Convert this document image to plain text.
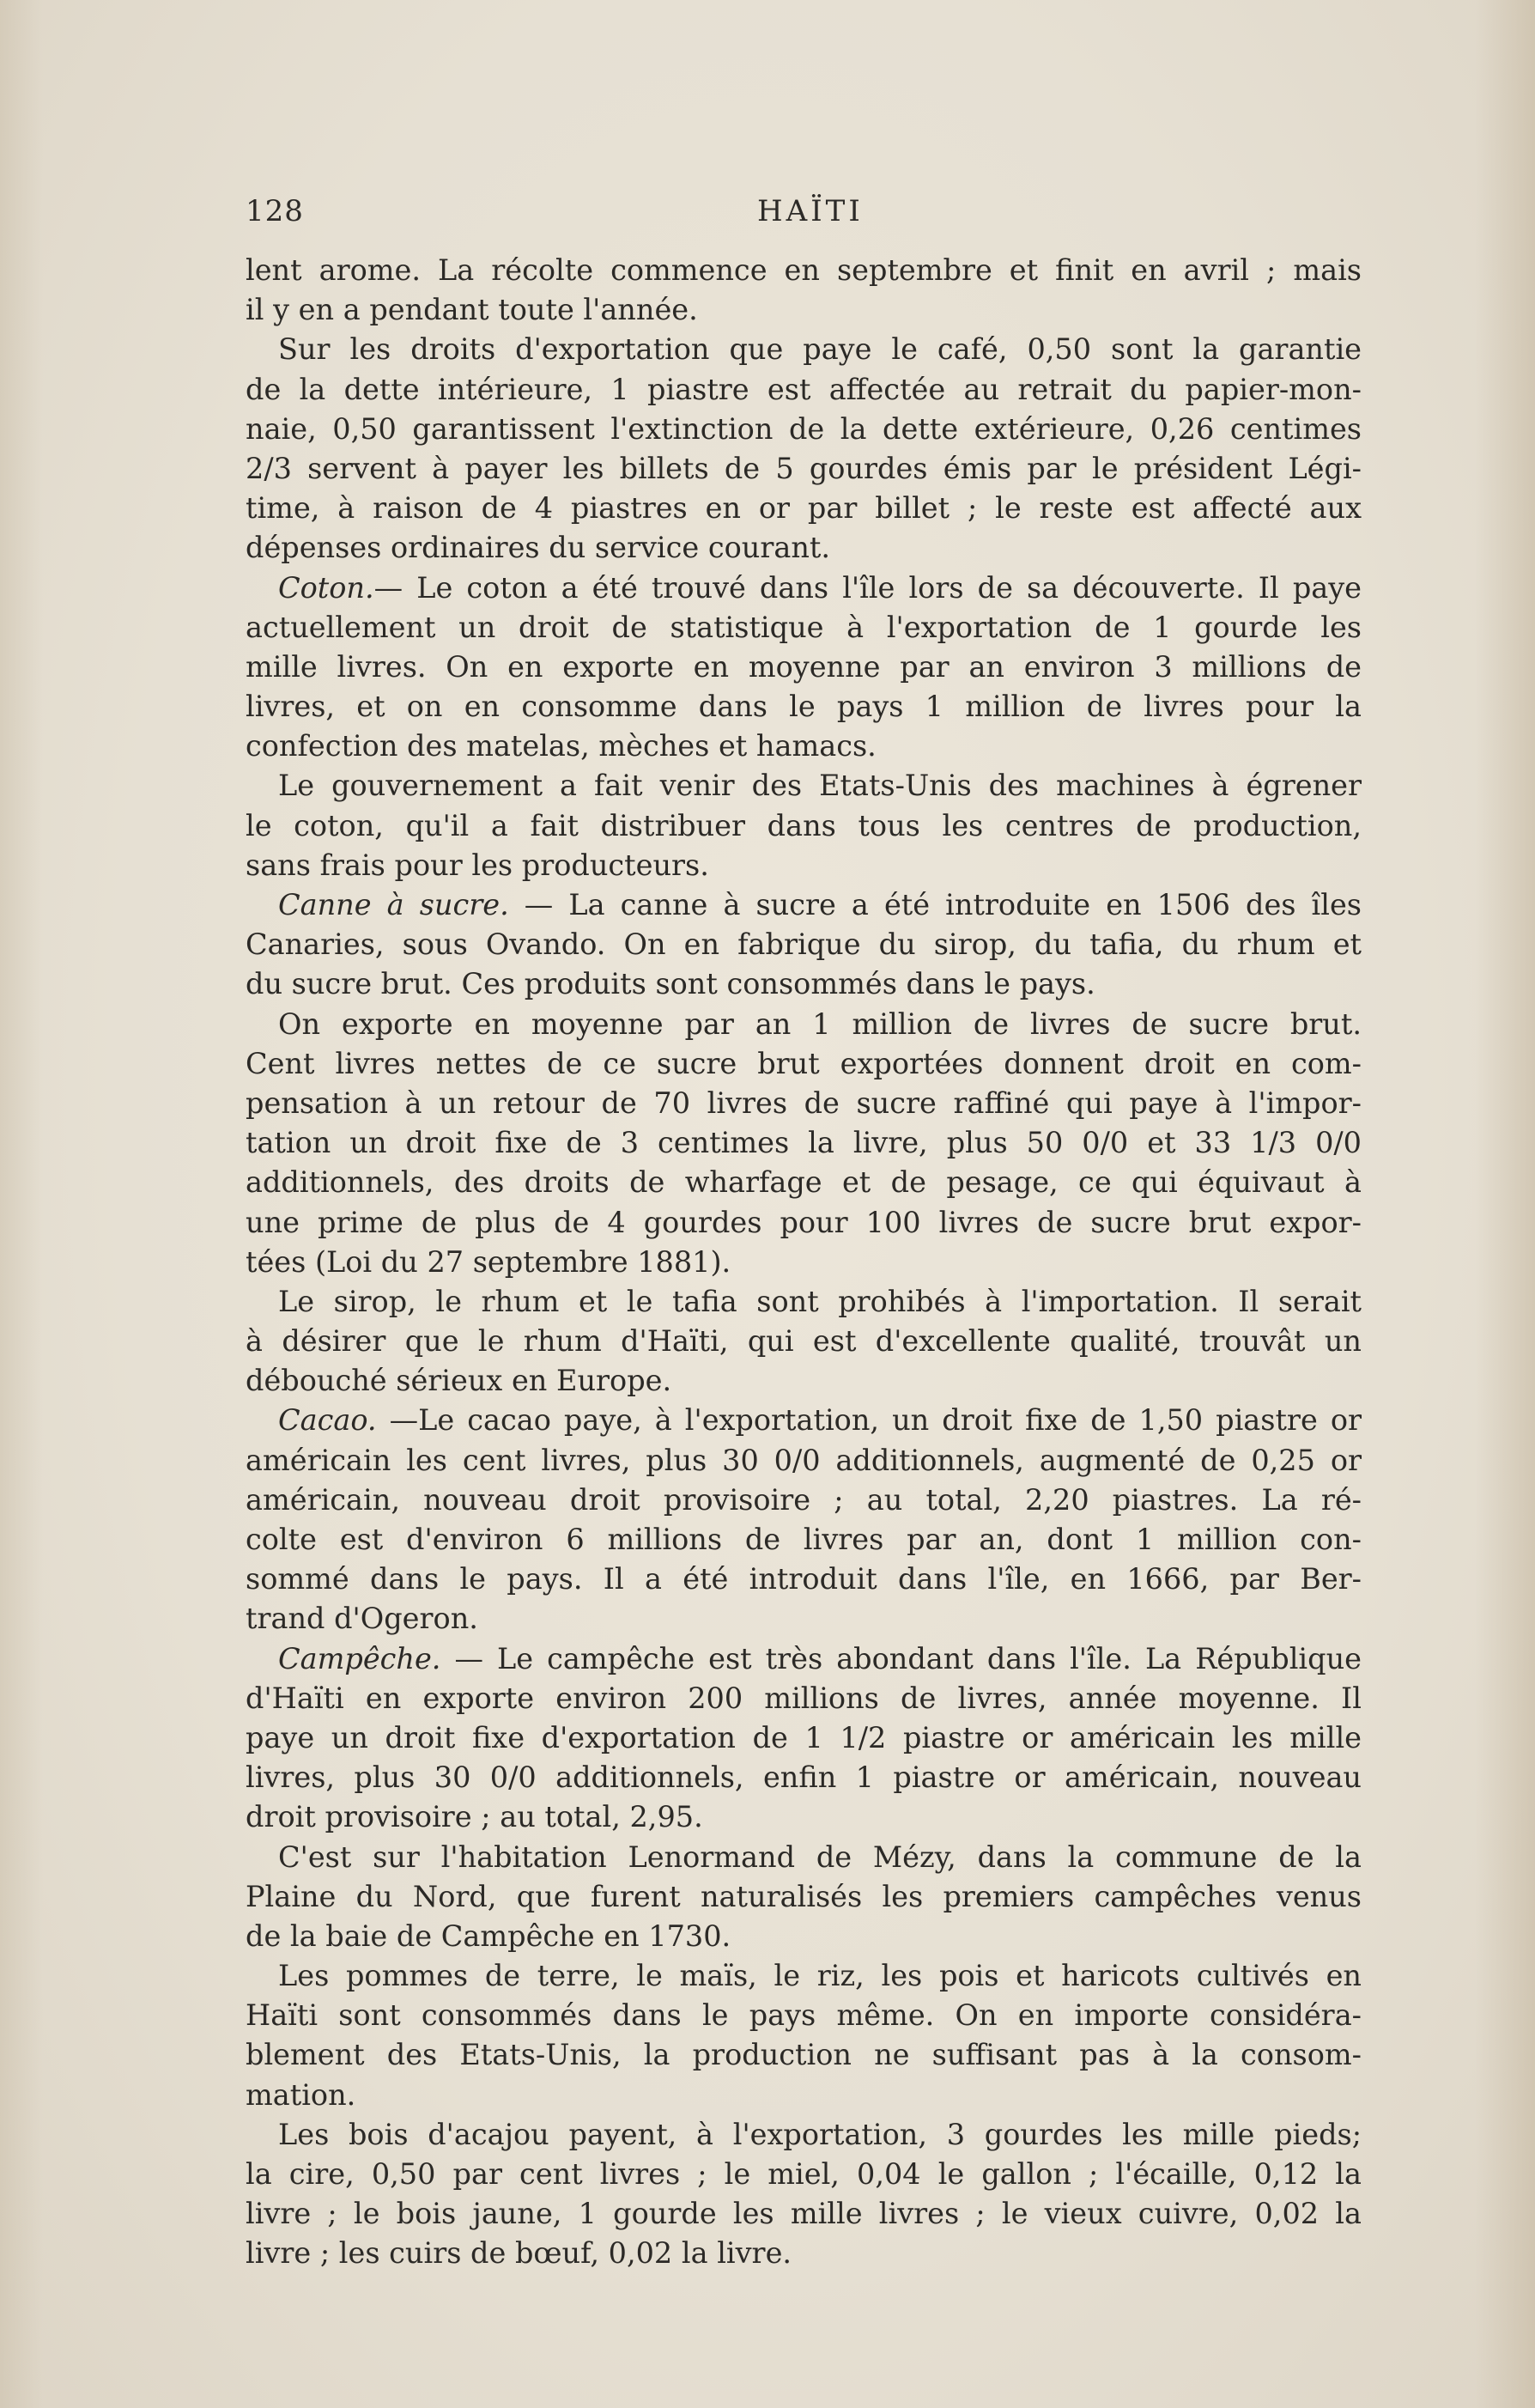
128	HAÏTI
lent arome. La récolte commence en septembre et finit en avril ; mais
il y en a pendant toute l'année.
Sur les droits d'exportation que paye le café, 0,50 sont la garantie
de la dette intérieure, 1 piastre est affectée au retrait du papier-mon-
naie, 0,50 garantissent l'extinction de la dette extérieure, 0,26 centimes
2/3 servent à payer les billets de 5 gourdes émis par le président Légi-
time, à raison de 4 piastres en or par billet ; le reste est affecté aux
dépenses ordinaires du service courant.
Coton.— Le coton a été trouvé dans l'île lors de sa découverte. Il paye
actuellement un droit de statistique à l'exportation de 1 gourde les
mille livres. On en exporte en moyenne par an environ 3 millions de
livres, et on en consomme dans le pays 1 million de livres pour la
confection des matelas, mèches et hamacs.
Le gouvernement a fait venir des Etats-Unis des machines à égrener
le coton, qu'il a fait distribuer dans tous les centres de production,
sans frais pour les producteurs.
Canne à sucre. — La canne à sucre a été introduite en 1506 des îles
Canaries, sous Ovando. On en fabrique du sirop, du tafia, du rhum et
du sucre brut. Ces produits sont consommés dans le pays.
On exporte en moyenne par an 1 million de livres de sucre brut.
Cent livres nettes de ce sucre brut exportées donnent droit en com-
pensation à un retour de 70 livres de sucre raffiné qui paye à l'impor-
tation un droit fixe de 3 centimes la livre, plus 50 0/0 et 33 1/3 0/0
additionnels, des droits de wharfage et de pesage, ce qui équivaut à
une prime de plus de 4 gourdes pour 100 livres de sucre brut expor-
tées (Loi du 27 septembre 1881).
Le sirop, le rhum et le tafia sont prohibés à l'importation. Il serait
à désirer que le rhum d'Haïti, qui est d'excellente qualité, trouvât un
débouché sérieux en Europe.
Cacao. —Le cacao paye, à l'exportation, un droit fixe de 1,50 piastre or
américain les cent livres, plus 30 0/0 additionnels, augmenté de 0,25 or
américain, nouveau droit provisoire ; au total, 2,20 piastres. La ré-
colte est d'environ 6 millions de livres par an, dont 1 million con-
sommé dans le pays. Il a été introduit dans l'île, en 1666, par Ber-
trand d'Ogeron.
Campêche. — Le campêche est très abondant dans l'île. La République
d'Haïti en exporte environ 200 millions de livres, année moyenne. Il
paye un droit fixe d'exportation de 1 1/2 piastre or américain les mille
livres, plus 30 0/0 additionnels, enfin 1 piastre or américain, nouveau
droit provisoire ; au total, 2,95.
C'est sur l'habitation Lenormand de Mézy, dans la commune de la
Plaine du Nord, que furent naturalisés les premiers campêches venus
de la baie de Campêche en 1730.
Les pommes de terre, le maïs, le riz, les pois et haricots cultivés en
Haïti sont consommés dans le pays même. On en importe considéra-
blement des Etats-Unis, la production ne suffisant pas à la consom-
mation.
Les bois d'acajou payent, à l'exportation, 3 gourdes les mille pieds;
la cire, 0,50 par cent livres ; le miel, 0,04 le gallon ; l'écaille, 0,12 la
livre ; le bois jaune, 1 gourde les mille livres ; le vieux cuivre, 0,02 la
livre ; les cuirs de bœuf, 0,02 la livre.
